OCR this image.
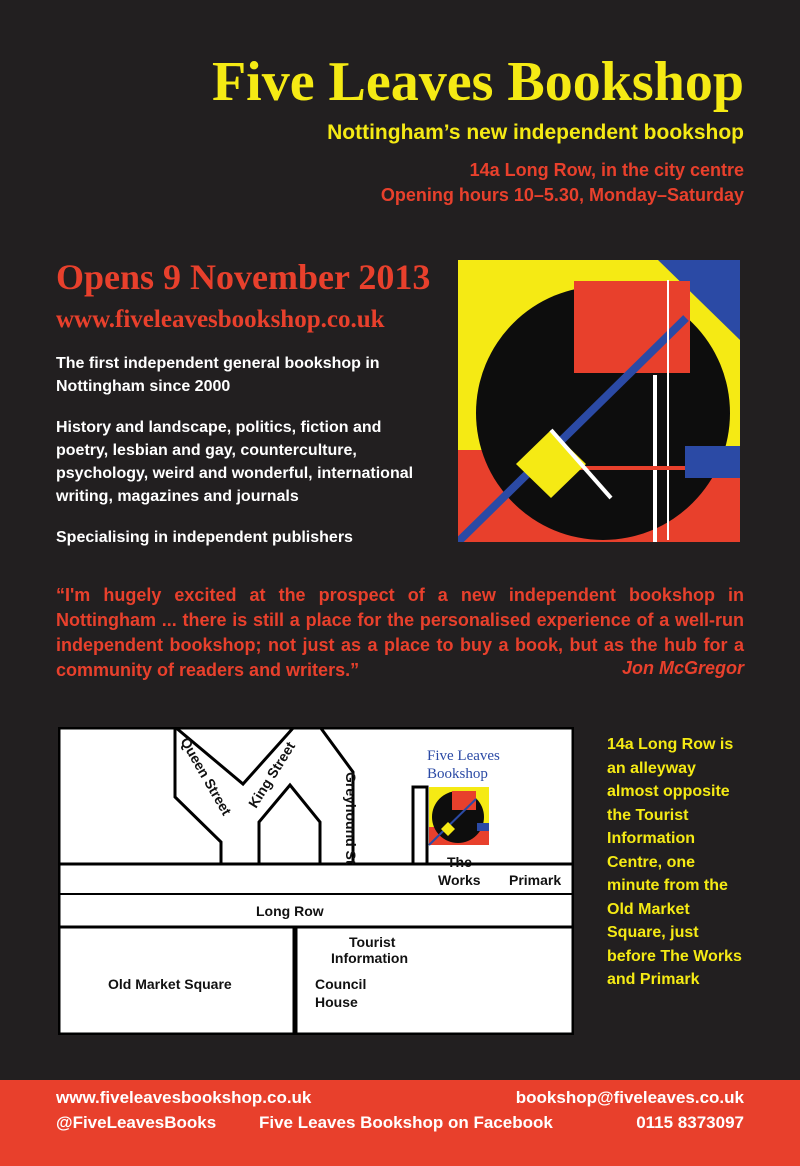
Five Leaves Bookshop
Nottingham’s new independent bookshop
14a Long Row, in the city centre
Opening hours 10–5.30, Monday–Saturday
Opens 9 November 2013
www.fiveleavesbookshop.co.uk
The first independent general bookshop in Nottingham since 2000
History and landscape, politics, fiction and poetry, lesbian and gay, counterculture, psychology, weird and wonderful, international writing, magazines and journals
Specialising in independent publishers
“I'm hugely excited at the prospect of a new independent bookshop in Nottingham ... there is still a place for the personalised experience of a well-run independent bookshop; not just as a place to buy a book, but as the hub for a community of readers and writers.”	Jon McGregor
Queen Street King Street	Greyhound St
Five Leaves
Bookshop
The
Works Primark
Long Row
Tourist
Information
Council
House
Old Market Square
14a Long Row is an alleyway almost opposite the Tourist Information Centre, one minute from the Old Market Square, just before The Works and Primark
www.fiveleavesbookshop.co.uk	bookshop@fiveleaves.co.uk
@FiveLeavesBooks	Five Leaves Bookshop on Facebook	0115 8373097
